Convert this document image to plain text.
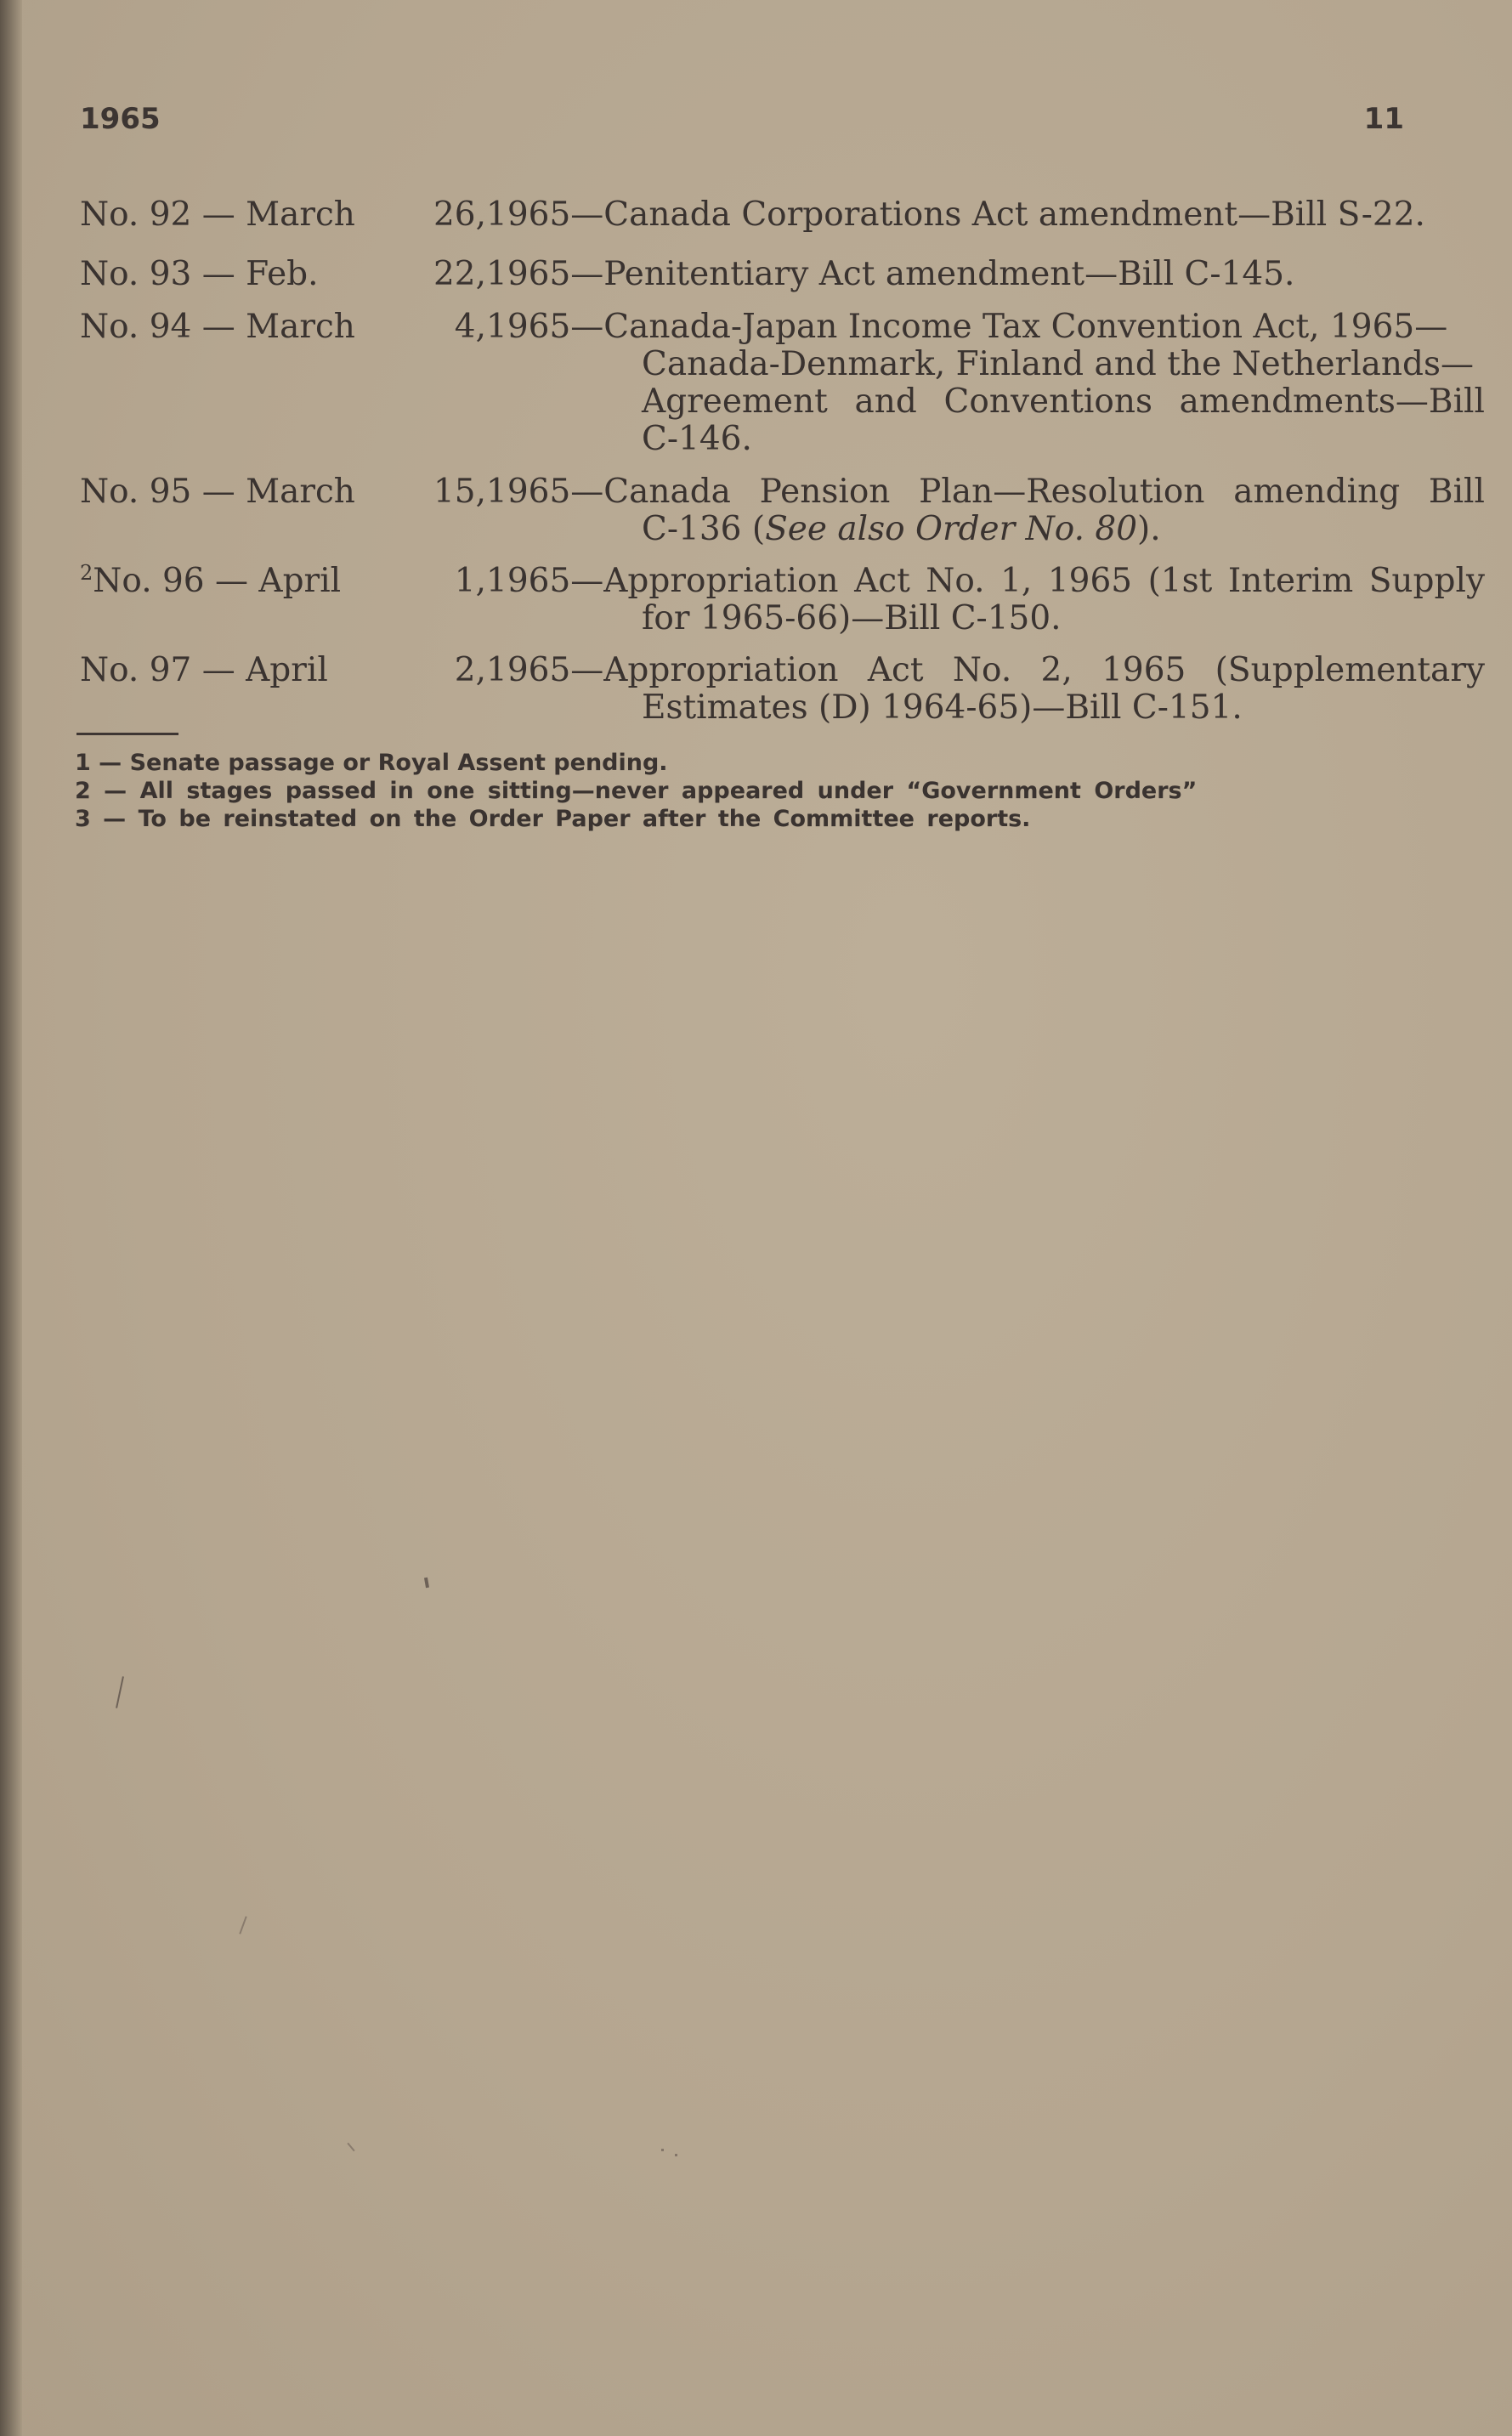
1965	11
No. 92 — March	26, 1965—Canada Corporations Act amendment—Bill S-22.
No. 93 — Feb.	22, 1965—Penitentiary Act amendment—Bill C-145.
No. 94 — March	4, 1965—Canada-Japan Income Tax Convention Act, 1965—
Canada-Denmark, Finland and the Netherlands—
Agreement and Conventions amendments—Bill
C-146.
No. 95 — March	15, 1965—Canada Pension Plan—Resolution amending Bill
C-136 (See also Order No. 80).
$^2$No. 96 — April	1, 1965—Appropriation Act No. 1, 1965 (1st Interim Supply
for 1965-66)—Bill C-150.
No. 97 — April	2, 1965—Appropriation Act No. 2, 1965 (Supplementary
Estimates (D) 1964-65)—Bill C-151.
1 — Senate passage or Royal Assent pending.
2 — All stages passed in one sitting—never appeared under “Government Orders”
3 — To be reinstated on the Order Paper after the Committee reports.
